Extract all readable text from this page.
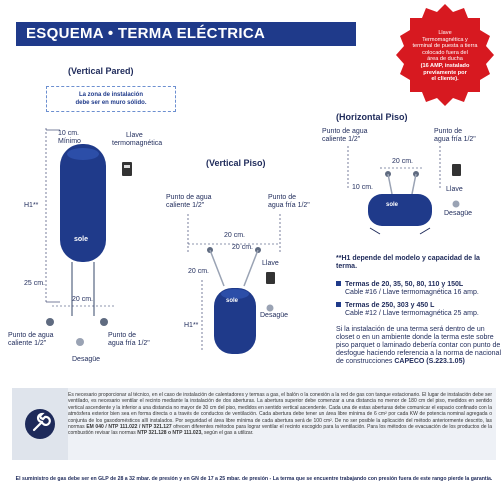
ESQUEMA • TERMA ELÉCTRICA	Llave
Termomagnética y
terminal de puesta a tierra
colocado fuera del
área de ducha
(16 AMP, instalado
previamente por
el cliente).
(Vertical Pared)
La zona de instalación
debe ser en muro sólido.
10 cm.
Mínimo
Llave
termomagnética
H1**
sole
25 cm.
20 cm.
Punto de agua
caliente 1/2"
Punto de
agua fría 1/2"
Desagüe
(Vertical Piso)
Punto de agua
caliente 1/2"
Punto de
agua fría 1/2"
20 cm.
20 cm.
20 cm.
Llave
H1**
Desagüe
sole
(Horizontal Piso)
Punto de agua
caliente 1/2"
Punto de
agua fría 1/2"
20 cm.
10 cm.	Llave
Desagüe
sole
**H1 depende del modelo y capacidad de la terma.
Termas de 20, 35, 50, 80, 110 y 150L
Cable #16 / Llave termomagnética 16 amp.
Termas de 250, 303 y 450 L
Cable #12 / Llave termomagnética 25 amp.
Si la instalación de una terma será dentro de un closet o en un ambiente donde la terma este sobre piso parquet o laminado debería contar con punto de desfogue haciendo referencia a la norma de nacional de construcciones CAPECO (S.223.1.05)
Es necesario proporcionar al técnico, en el caso de instalación de calentadores y termas a gas, el balón o la conexión a la red de gas con tanque estacionario. El lugar de instalación debe ser ventilado, es necesario ventilar el recinto mediante la instalación de dos aberturas. La abertura superior debe comenzar a una distancia no menor de 180 cm del piso, medidos en sentido vertical ascendente y la inferior a una distancia no mayor de 30 cm del piso, medidos en sentido vertical ascendente. Cada una de estas aberturas debe comunicar el espacio confinado con la atmósfera exterior bien sea en forma directa o a través de conductos de ventilación. Cada abertura debe tener un área libre mínima de 6 cm² por cada KW de potencia nominal agregada o conjunta de los gasodomésticos allí instalados. Por seguridad el área libre mínima de cada abertura será de 100 cm². De no ser posible la aplicación del método anteriormente descrito, las normas EM 040 / NTP 111.022 / NTP 321.127 ofrecen diferentes métodos para lograr ventilar el recinto escogido para la ventilación. Para los métodos de evacuación de los productos de la combustión revisar las normas NTP 321.128 o NTP 111.023, según el gas a utilizar.
El suministro de gas debe ser en GLP de 28 a 32 mbar. de presión y en GN de 17 a 25 mbar. de presión - La terma que se encuentre trabajando con presión fuera de este rango pierde la garantía.
